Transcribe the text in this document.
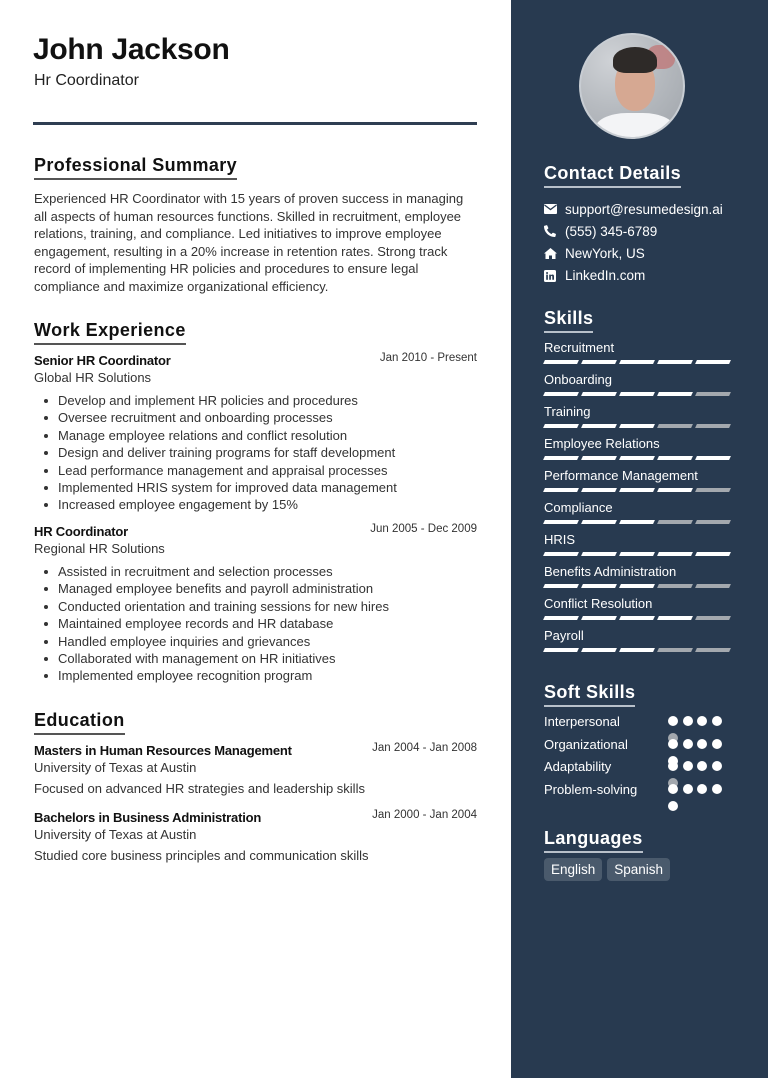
John Jackson
Hr Coordinator
Professional Summary

Experienced HR Coordinator with 15 years of proven success in managing all aspects of human resources functions. Skilled in recruitment, employee relations, training, and compliance. Led initiatives to improve employee engagement, resulting in a 20% increase in retention rates. Strong track record of implementing HR policies and procedures to ensure legal compliance and maximize organizational efficiency.

Work Experience
Senior HR Coordinator	Jan 2010 - Present
Global HR Solutions
Develop and implement HR policies and procedures
Oversee recruitment and onboarding processes
Manage employee relations and conflict resolution
Design and deliver training programs for staff development
Lead performance management and appraisal processes
Implemented HRIS system for improved data management
Increased employee engagement by 15%
HR Coordinator	Jun 2005 - Dec 2009
Regional HR Solutions
Assisted in recruitment and selection processes
Managed employee benefits and payroll administration
Conducted orientation and training sessions for new hires
Maintained employee records and HR database
Handled employee inquiries and grievances
Collaborated with management on HR initiatives
Implemented employee recognition program
Education
Masters in Human Resources Management	Jan 2004 - Jan 2008
University of Texas at Austin
Focused on advanced HR strategies and leadership skills
Bachelors in Business Administration	Jan 2000 - Jan 2004
University of Texas at Austin
Studied core business principles and communication skills
Contact Details
support@resumedesign.ai
(555) 345-6789
NewYork, US
LinkedIn.com
Skills
Recruitment
Onboarding
Training
Employee Relations
Performance Management
Compliance
HRIS
Benefits Administration
Conflict Resolution
Payroll
Soft Skills
Interpersonal
Organizational
Adaptability
Problem-solving
Languages
English	Spanish
